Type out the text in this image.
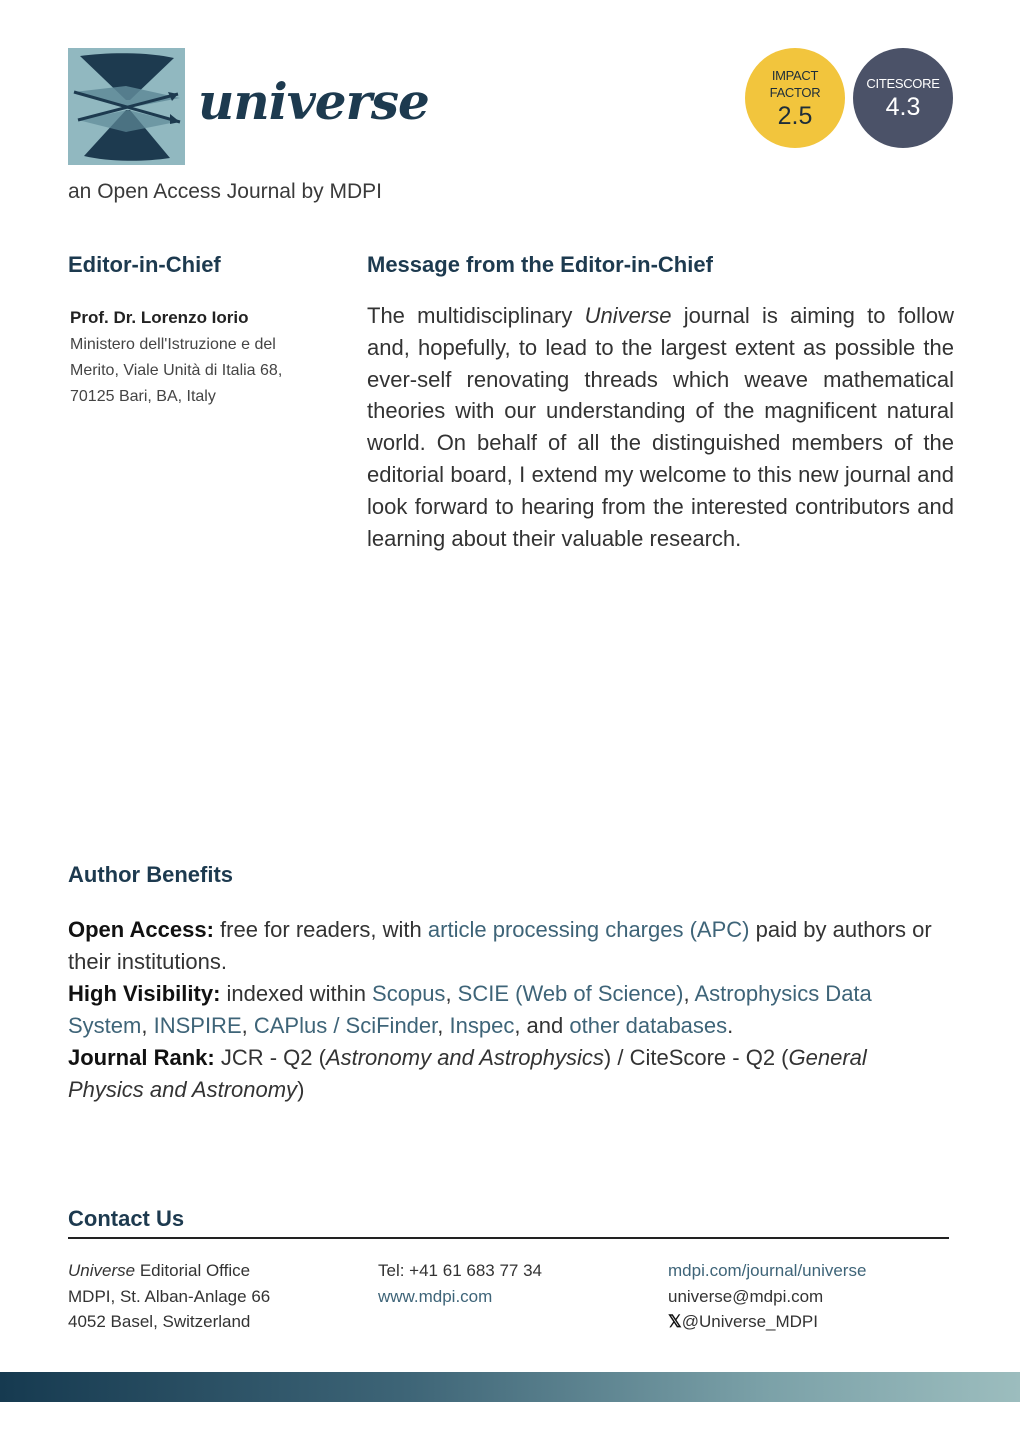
universe
an Open Access Journal by MDPI
IMPACT
FACTOR
2.5
CITESCORE
4.3
Editor-in-Chief
Prof. Dr. Lorenzo Iorio
Ministero dell'Istruzione e del Merito, Viale Unità di Italia 68, 70125 Bari, BA, Italy
Message from the Editor-in-Chief
The multidisciplinary Universe journal is aiming to follow and, hopefully, to lead to the largest extent as possible the ever-self renovating threads which weave mathematical theories with our understanding of the magnificent natural world. On behalf of all the distinguished members of the editorial board, I extend my welcome to this new journal and look forward to hearing from the interested contributors and learning about their valuable research.
Author Benefits
Open Access: free for readers, with article processing charges (APC) paid by authors or their institutions.
High Visibility: indexed within Scopus, SCIE (Web of Science), Astrophysics Data System, INSPIRE, CAPlus / SciFinder, Inspec, and other databases.
Journal Rank: JCR - Q2 (Astronomy and Astrophysics) / CiteScore - Q2 (General Physics and Astronomy)
Contact Us
Universe Editorial Office
MDPI, St. Alban-Anlage 66
4052 Basel, Switzerland
Tel: +41 61 683 77 34
www.mdpi.com
mdpi.com/journal/universe
universe@mdpi.com
𝕏@Universe_MDPI
